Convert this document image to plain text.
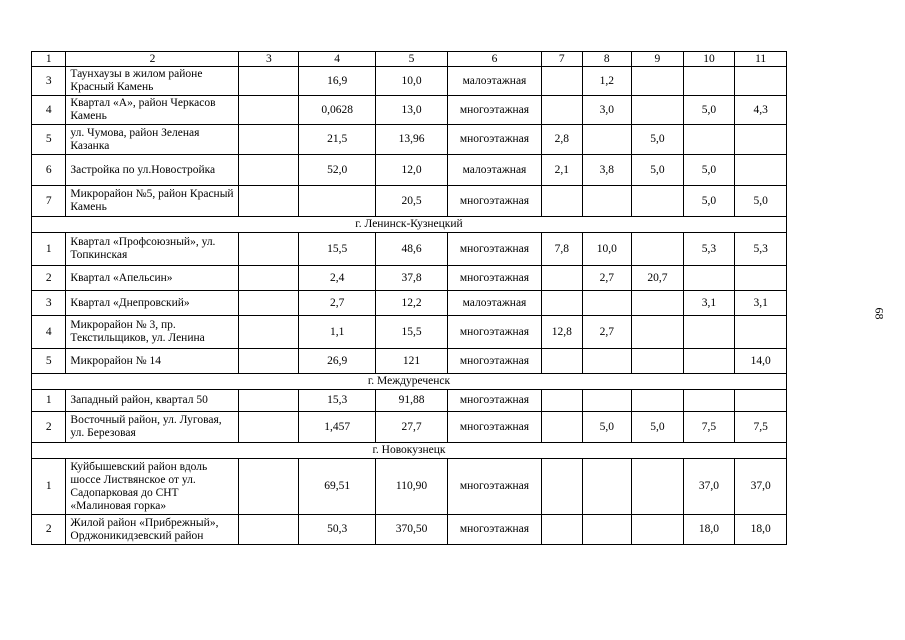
1	2	3	4	5	6	7	8	9	10	11
3	Таунхаузы в жилом районе Красный Камень		16,9	10,0	малоэтажная		1,2			
4	Квартал «А», район Черкасов Камень		0,0628	13,0	многоэтажная		3,0		5,0	4,3
5	ул. Чумова, район Зеленая Казанка		21,5	13,96	многоэтажная	2,8		5,0		
6	Застройка по ул.Новостройка		52,0	12,0	малоэтажная	2,1	3,8	5,0	5,0	
7	Микрорайон №5, район Красный Камень			20,5	многоэтажная				5,0	5,0
г. Ленинск-Кузнецкий										
1	Квартал «Профсоюзный», ул. Топкинская		15,5	48,6	многоэтажная	7,8	10,0		5,3	5,3
2	Квартал «Апельсин»		2,4	37,8	многоэтажная		2,7	20,7		
3	Квартал «Днепровский»		2,7	12,2	малоэтажная				3,1	3,1
4	Микрорайон № 3, пр. Текстильщиков, ул. Ленина		1,1	15,5	многоэтажная	12,8	2,7			
5	Микрорайон № 14		26,9	121	многоэтажная					14,0
г. Междуреченск										
1	Западный район, квартал 50		15,3	91,88	многоэтажная					
2	Восточный район, ул. Луговая, ул. Березовая		1,457	27,7	многоэтажная		5,0	5,0	7,5	7,5
г. Новокузнецк										
1	Куйбышевский район вдоль шоссе Листвянское от ул. Садопарковая до СНТ «Малиновая горка»		69,51	110,90	многоэтажная				37,0	37,0
2	Жилой район «Прибрежный», Орджоникидзевский район		50,3	370,50	многоэтажная				18,0	18,0
68
